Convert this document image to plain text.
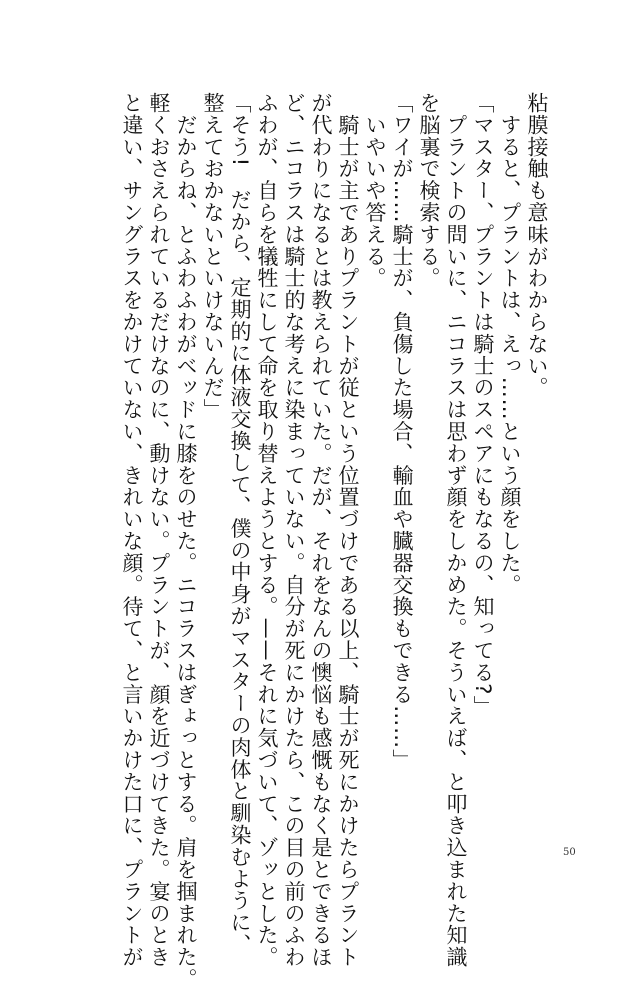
粘膜接触も意味がわからない。
　すると、プラントは、えっ……という顔をした。
「マスター、プラントは騎士のスペアにもなるの、知ってる?」
　プラントの問いに、ニコラスは思わず顔をしかめた。そういえば、と叩き込まれた知識
を脳裏で検索する。
「ワイが……騎士が、負傷した場合、輸血や臓器交換もできる……」
　いやいや答える。
　騎士が主でありプラントが従という位置づけである以上、騎士が死にかけたらプラント
が代わりになるとは教えられていた。だが、それをなんの懊悩も感慨もなく是とできるほ
ど、ニコラスは騎士的な考えに染まっていない。自分が死にかけたら、この目の前のふわ
ふわが、自らを犠牲にして命を取り替えようとする。——それに気づいて、ゾッとした。
「そう!　だから、定期的に体液交換して、僕の中身がマスターの肉体と馴染むように、
整えておかないといけないんだ」
　だからね、とふわふわがベッドに膝をのせた。ニコラスはぎょっとする。肩を掴まれた。
軽くおさえられているだけなのに、動けない。プラントが、顔を近づけてきた。宴のとき
と違い、サングラスをかけていない、きれいな顔。待て、と言いかけた口に、プラントが	50
